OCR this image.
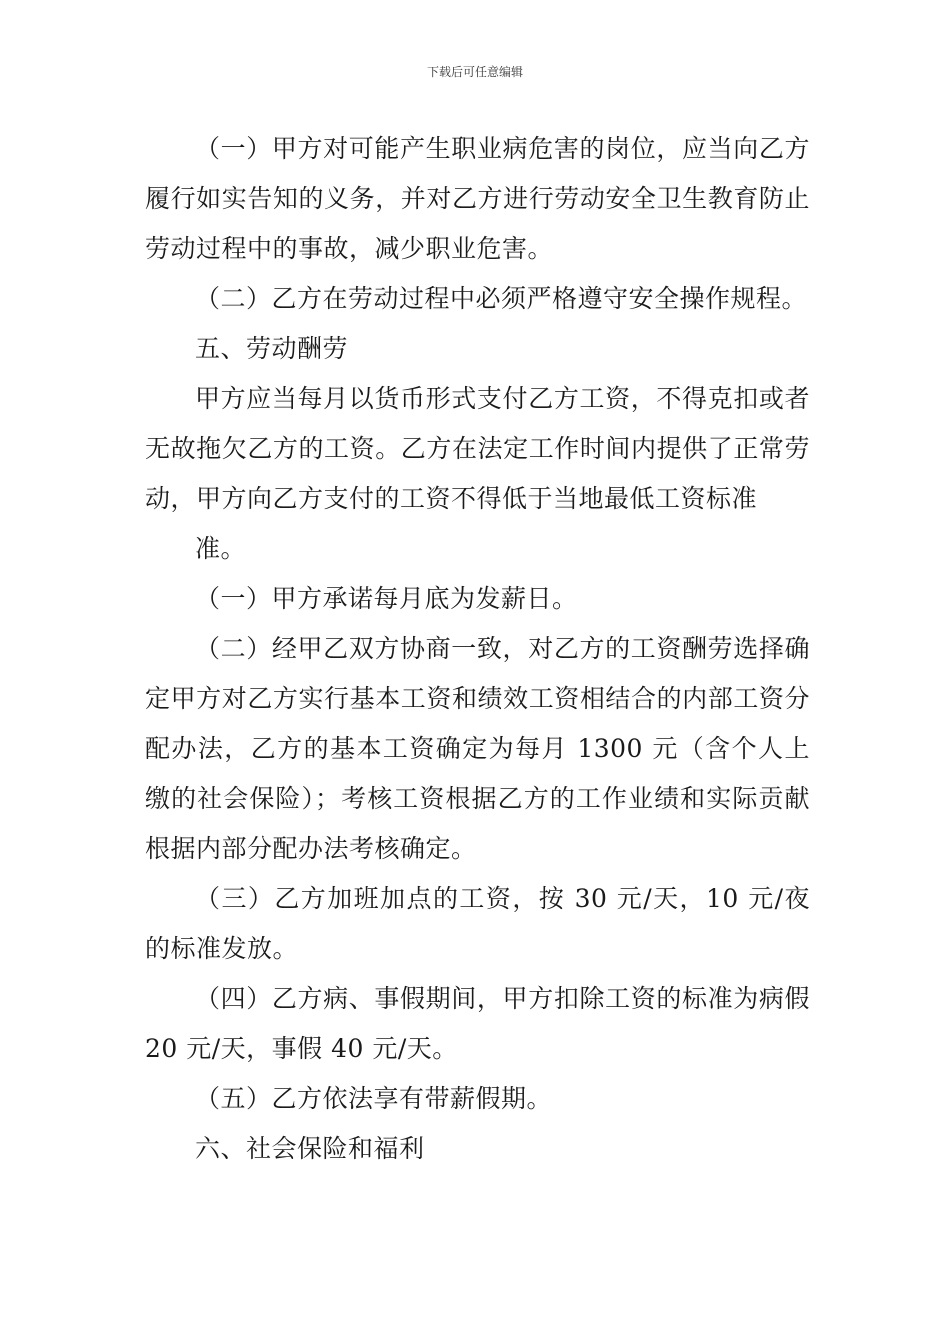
下载后可任意编辑

（一）甲方对可能产生职业病危害的岗位，应当向乙方履行如实告知的义务，并对乙方进行劳动安全卫生教育防止劳动过程中的事故，减少职业危害。

（二）乙方在劳动过程中必须严格遵守安全操作规程。

五、劳动酬劳

甲方应当每月以货币形式支付乙方工资，不得克扣或者无故拖欠乙方的工资。乙方在法定工作时间内提供了正常劳动，甲方向乙方支付的工资不得低于当地最低工资标准

准。

（一）甲方承诺每月底为发薪日。

（二）经甲乙双方协商一致，对乙方的工资酬劳选择确定甲方对乙方实行基本工资和绩效工资相结合的内部工资分配办法，乙方的基本工资确定为每月 1300 元（含个人上缴的社会保险）；考核工资根据乙方的工作业绩和实际贡献根据内部分配办法考核确定。

（三）乙方加班加点的工资，按 30 元/天，10 元/夜的标准发放。

（四）乙方病、事假期间，甲方扣除工资的标准为病假 20 元/天，事假 40 元/天。

（五）乙方依法享有带薪假期。

六、社会保险和福利
